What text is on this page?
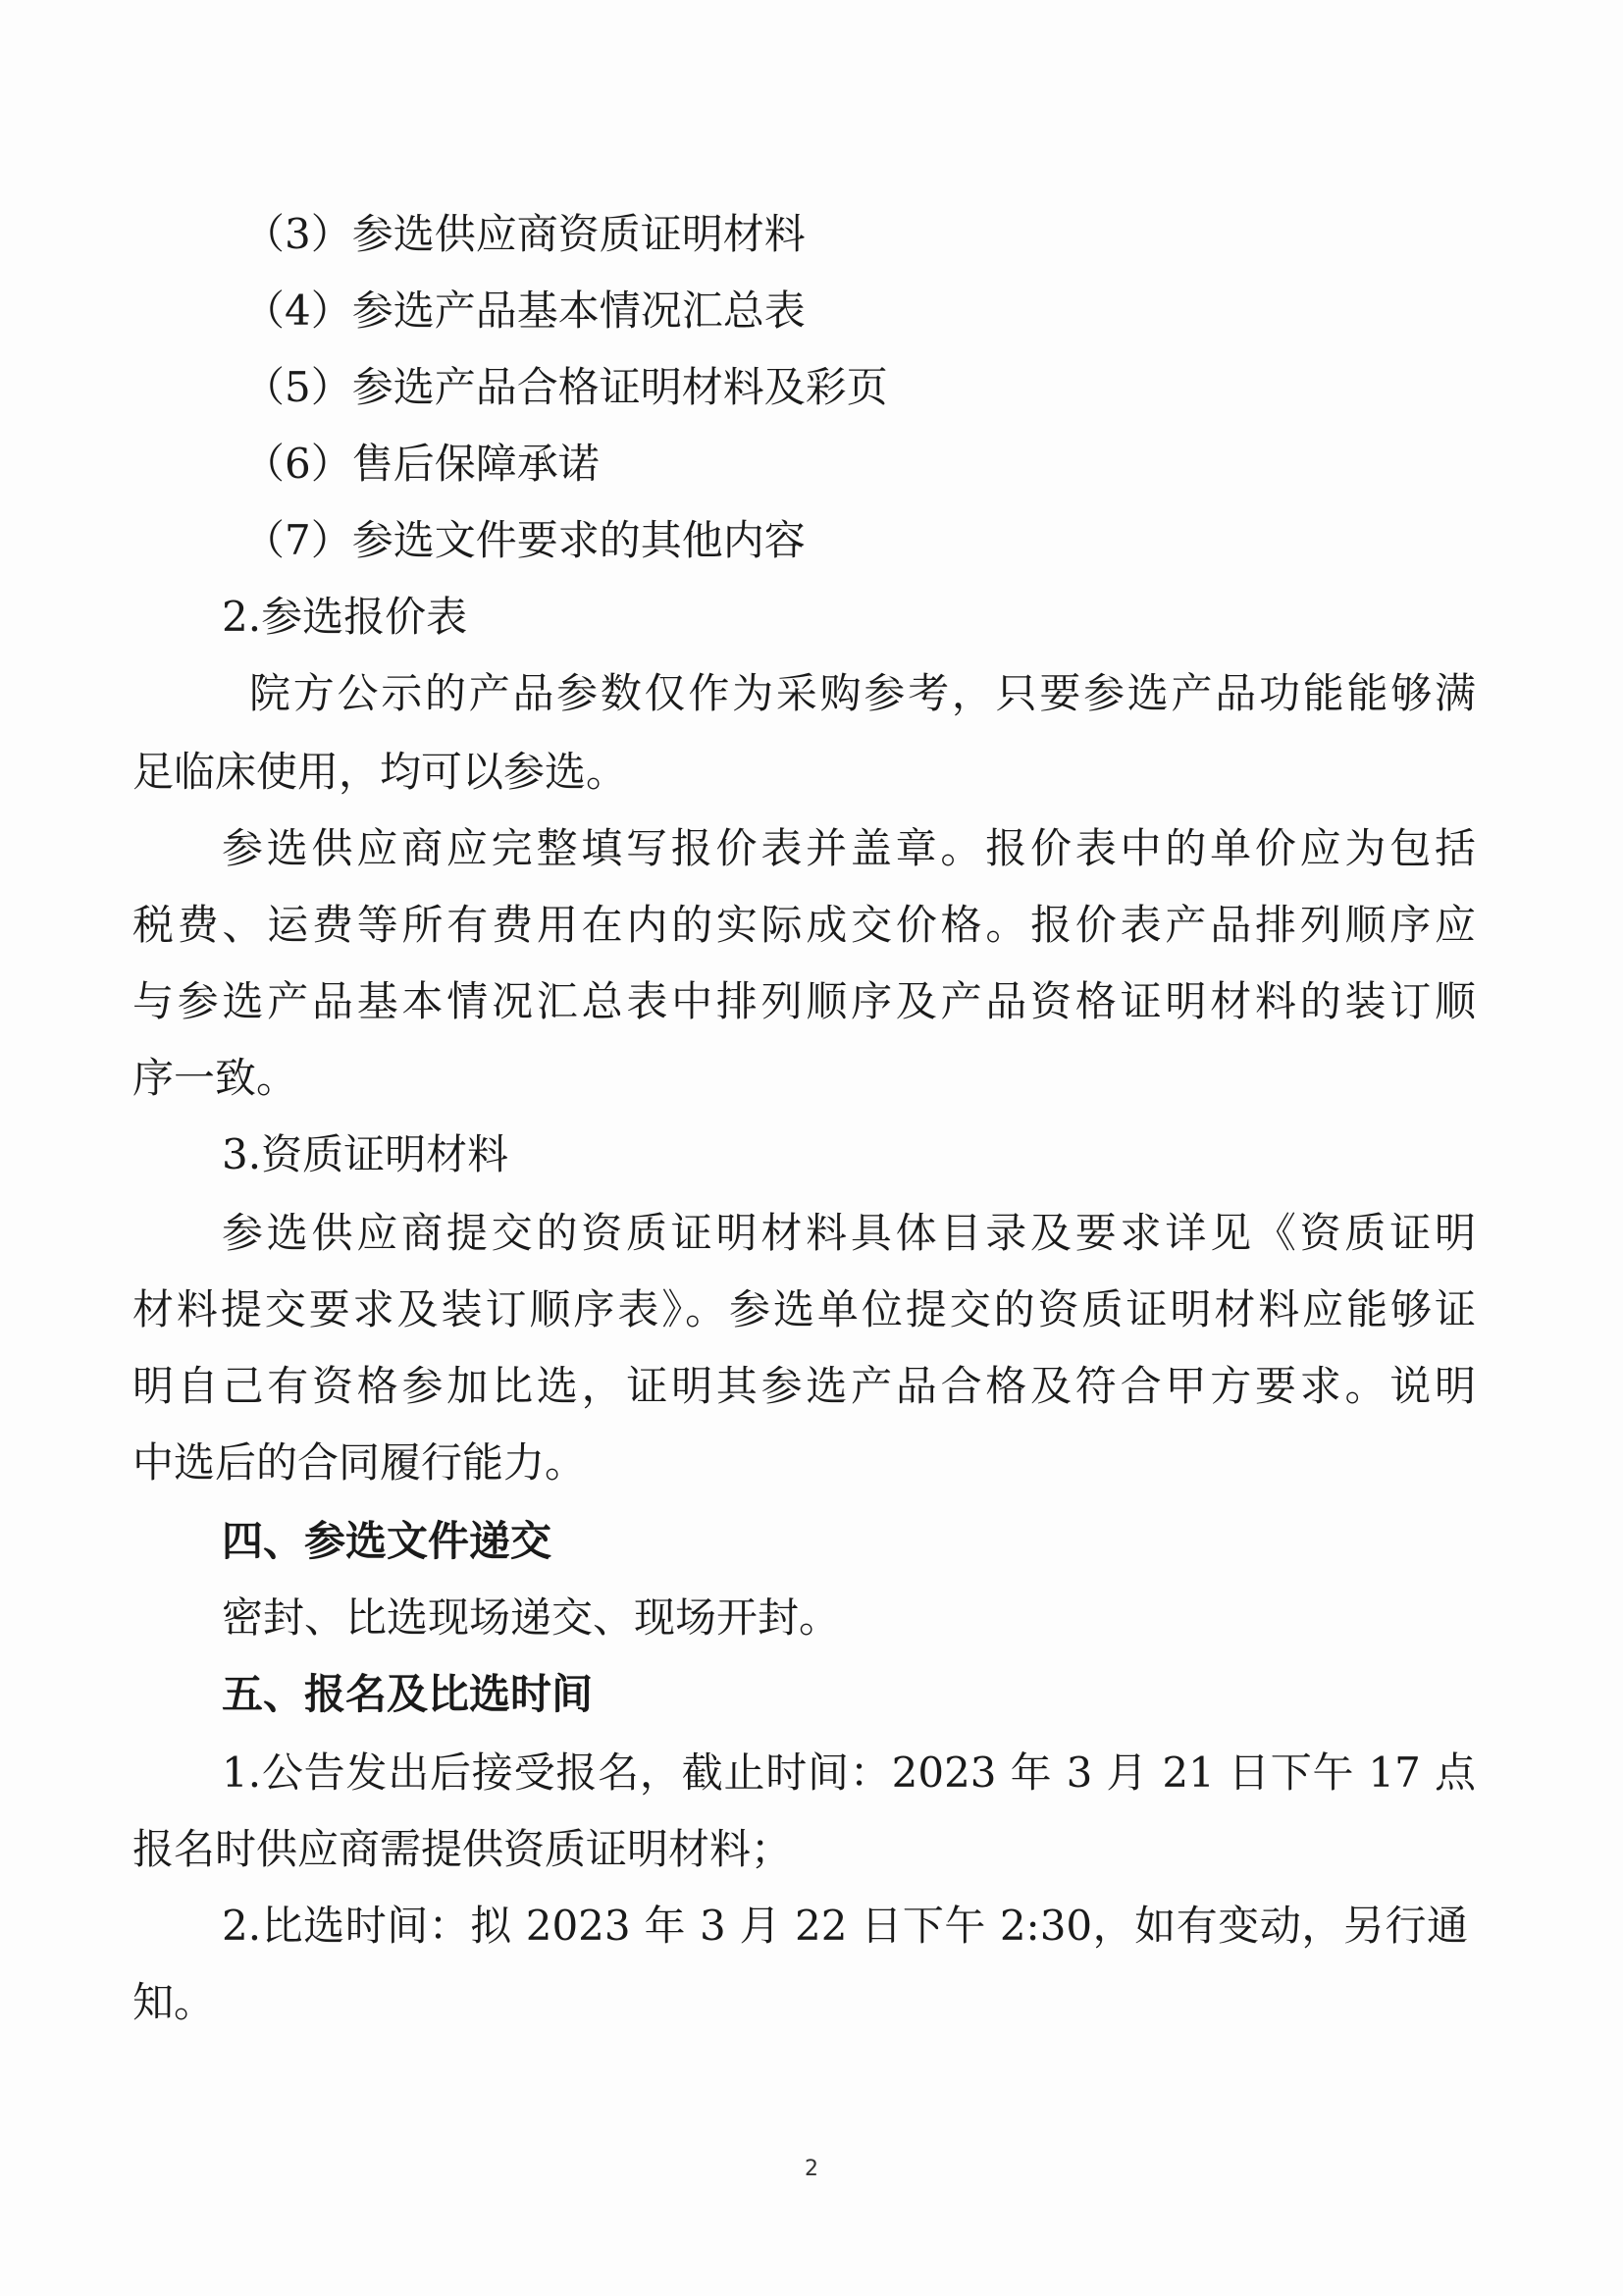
（3）参选供应商资质证明材料
（4）参选产品基本情况汇总表
（5）参选产品合格证明材料及彩页
（6）售后保障承诺
（7）参选文件要求的其他内容
2.参选报价表
院方公示的产品参数仅作为采购参考，只要参选产品功能能够满
足临床使用，均可以参选。
参选供应商应完整填写报价表并盖章。报价表中的单价应为包括
税费、运费等所有费用在内的实际成交价格。报价表产品排列顺序应
与参选产品基本情况汇总表中排列顺序及产品资格证明材料的装订顺
序一致。
3.资质证明材料
参选供应商提交的资质证明材料具体目录及要求详见《资质证明
材料提交要求及装订顺序表》。参选单位提交的资质证明材料应能够证
明自己有资格参加比选，证明其参选产品合格及符合甲方要求。说明
中选后的合同履行能力。
四、参选文件递交
密封、比选现场递交、现场开封。
五、报名及比选时间
1.公告发出后接受报名，截止时间：2023 年 3 月 21 日下午 17 点
报名时供应商需提供资质证明材料；
2.比选时间：拟 2023 年 3 月 22 日下午 2:30，如有变动，另行通
知。
2
